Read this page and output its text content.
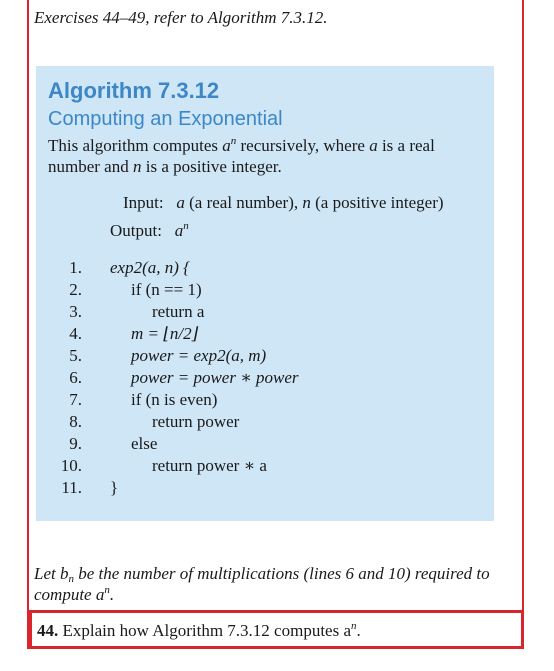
Exercises 44–49, refer to Algorithm 7.3.12.
Algorithm 7.3.12
Computing an Exponential
This algorithm computes $a^n$ recursively, where a is a real number and n is a positive integer.
Input: a (a real number), n (a positive integer)
Output: $a^n$
1. exp2(a, n) {
2.	if (n == 1)
3.	return a
4.	m = ⌊n/2⌋
5.	power = exp2(a, m)
6.	power = power ∗ power
7.	if (n is even)
8.	return power
9.	else
10.	return power ∗ a
11. }
Let $b_n$ be the number of multiplications (lines 6 and 10) required to compute $a^n$.
44. Explain how Algorithm 7.3.12 computes $a^n$.
